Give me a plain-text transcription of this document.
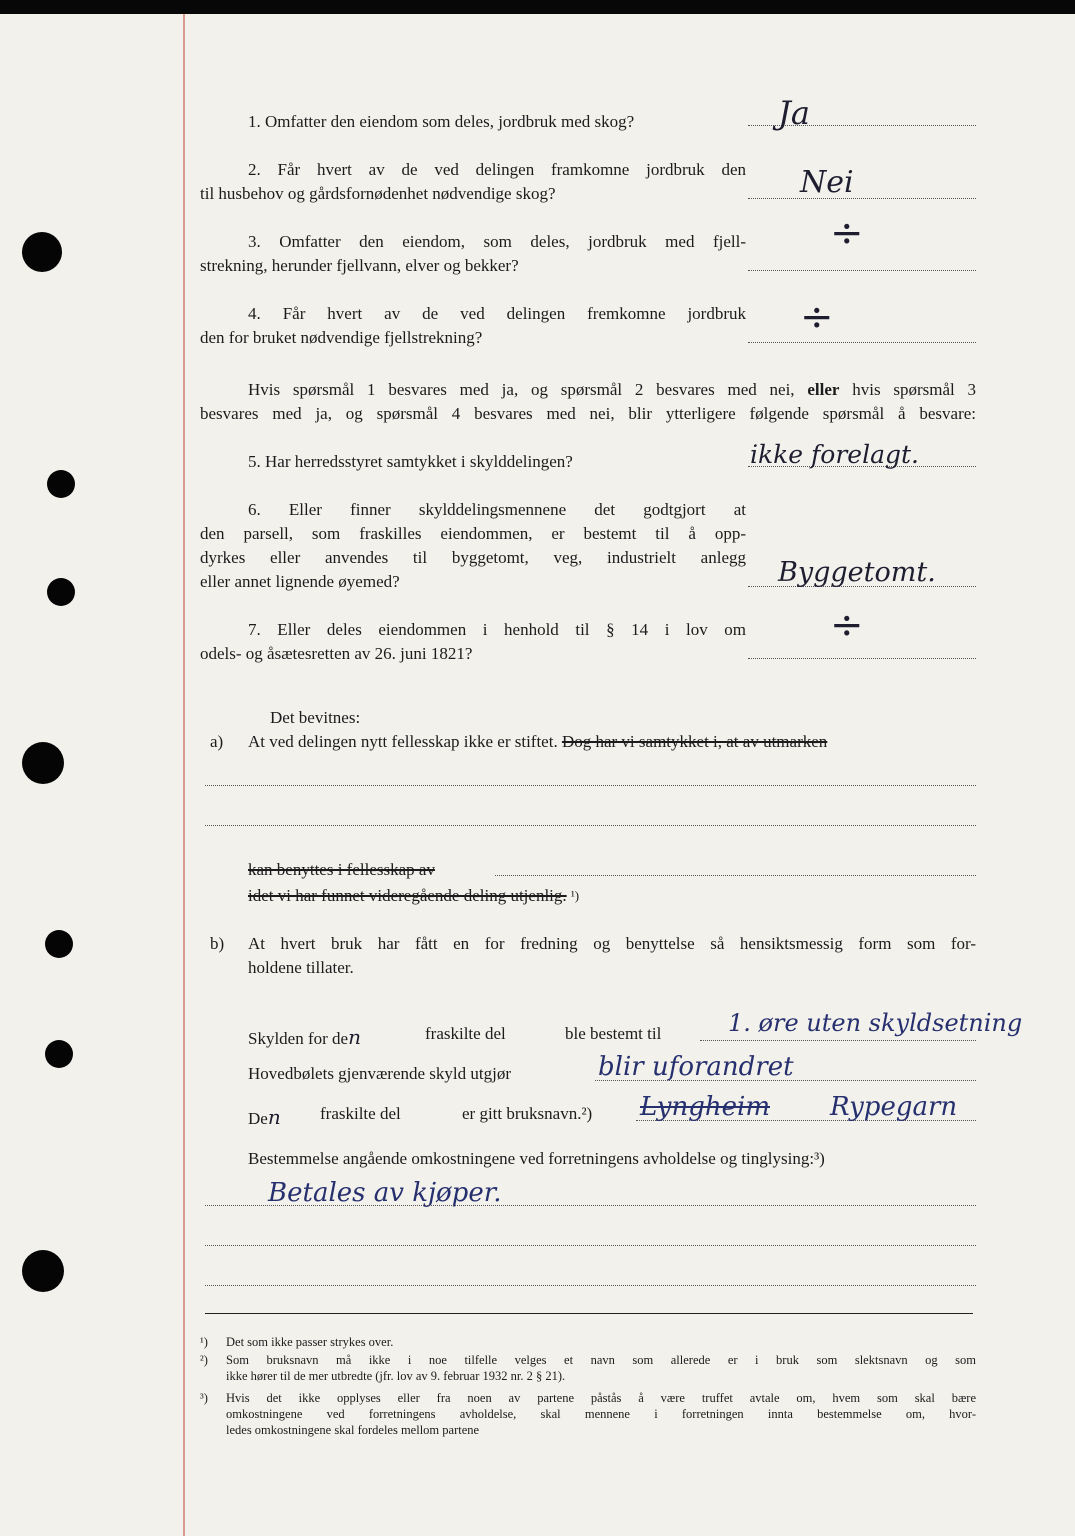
1. Omfatter den eiendom som deles, jordbruk med skog?	Ja
2. Får hvert av de ved delingen framkomne jordbruk den
til husbehov og gårdsfornødenhet nødvendige skog?	Nei
3. Omfatter den eiendom, som deles, jordbruk med fjell-
strekning, herunder fjellvann, elver og bekker?
÷
4. Får hvert av de ved delingen fremkomne jordbruk
den for bruket nødvendige fjellstrekning?	÷
Hvis spørsmål 1 besvares med ja, og spørsmål 2 besvares med nei, eller hvis spørsmål 3
besvares med ja, og spørsmål 4 besvares med nei, blir ytterligere følgende spørsmål å besvare:
5. Har herredsstyret samtykket i skylddelingen?	ikke forelagt.
6. Eller finner skylddelingsmennene det godtgjort at
den parsell, som fraskilles eiendommen, er bestemt til å opp-
dyrkes eller anvendes til byggetomt, veg, industrielt anlegg
eller annet lignende øyemed?	Byggetomt.
7. Eller deles eiendommen i henhold til § 14 i lov om
odels- og åsætesretten av 26. juni 1821?
÷
Det bevitnes:
a) At ved delingen nytt fellesskap ikke er stiftet. Dog har vi samtykket i, at av utmarken
kan benyttes i fellesskap av
idet vi har funnet videregående deling utjenlig. $^{^1)}$
b) At hvert bruk har fått en for fredning og benyttelse så hensiktsmessig form som for-
holdene tillater.
Skylden for den	fraskilte del	ble bestemt til	1. øre uten skyldsetning
Hovedbølets gjenværende skyld utgjør	blir uforandret
Den fraskilte del	er gitt bruksnavn.²) Lyngheim Rypegarn
Bestemmelse angående omkostningene ved forretningens avholdelse og tinglysing:³)
Betales av kjøper.
¹) Det som ikke passer strykes over.
²) Som bruksnavn må ikke i noe tilfelle velges et navn som allerede er i bruk som slektsnavn og som
ikke hører til de mer utbredte (jfr. lov av 9. februar 1932 nr. 2 § 21).
³) Hvis det ikke opplyses eller fra noen av partene påstås å være truffet avtale om, hvem som skal bære
omkostningene ved forretningens avholdelse, skal mennene i forretningen innta bestemmelse om, hvor-
ledes omkostningene skal fordeles mellom partene
